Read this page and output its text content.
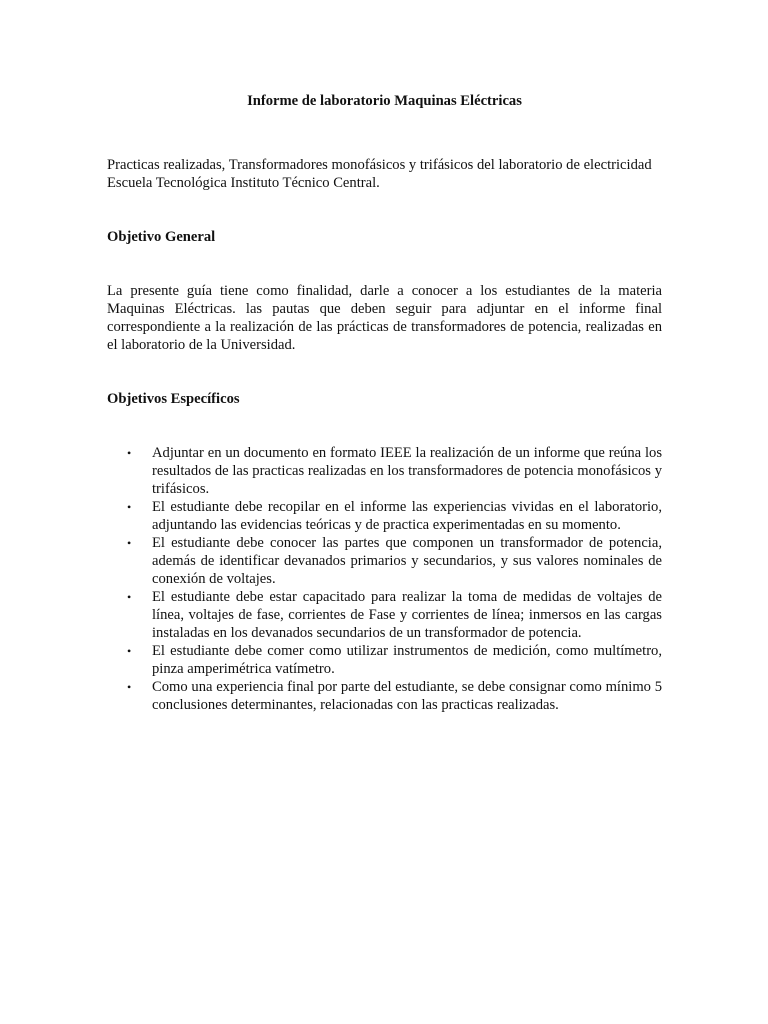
Informe de laboratorio Maquinas Eléctricas

Practicas realizadas, Transformadores monofásicos y trifásicos del laboratorio de electricidad Escuela Tecnológica Instituto Técnico Central.

Objetivo General

La presente guía tiene como finalidad, darle a conocer a los estudiantes de la materia Maquinas Eléctricas. las pautas que deben seguir para adjuntar en el informe final correspondiente a la realización de las prácticas de transformadores de potencia, realizadas en el laboratorio de la Universidad.

Objetivos Específicos

• Adjuntar en un documento en formato IEEE la realización de un informe que reúna los resultados de las practicas realizadas en los transformadores de potencia monofásicos y trifásicos.
• El estudiante debe recopilar en el informe las experiencias vividas en el laboratorio, adjuntando las evidencias teóricas y de practica experimentadas en su momento.
• El estudiante debe conocer las partes que componen un transformador de potencia, además de identificar devanados primarios y secundarios, y sus valores nominales de conexión de voltajes.
• El estudiante debe estar capacitado para realizar la toma de medidas de voltajes de línea, voltajes de fase, corrientes de Fase y corrientes de línea; inmersos en las cargas instaladas en los devanados secundarios de un transformador de potencia.
• El estudiante debe comer como utilizar instrumentos de medición, como multímetro, pinza amperimétrica vatímetro.
• Como una experiencia final por parte del estudiante, se debe consignar como mínimo 5 conclusiones determinantes, relacionadas con las practicas realizadas.
